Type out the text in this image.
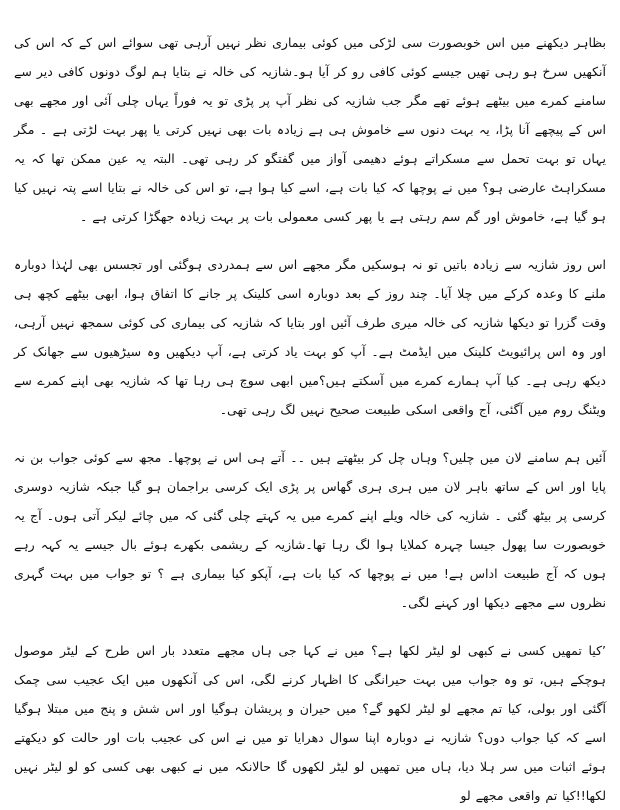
بظاہر دیکھنے میں اس خوبصورت سی لڑکی میں کوئی بیماری نظر نہیں آرہی تھی سوائے اس کے کہ اس کی آنکھیں سرخ ہو رہی تھیں جیسے کوئی کافی رو کر آیا ہو۔شازیہ کی خالہ نے بتایا ہم لوگ دونوں کافی دیر سے سامنے کمرے میں بیٹھے ہوئے تھے مگر جب شازیہ کی نظر آپ پر پڑی تو یہ فوراً یہاں چلی آئی اور مجھے بھی اس کے پیچھے آنا پڑا، یہ بہت دنوں سے خاموش ہی ہے زیادہ بات بھی نہیں کرتی یا پھر بہت لڑتی ہے ۔ مگر یہاں تو بہت تحمل سے مسکراتے ہوئے دھیمی آواز میں گفتگو کر رہی تھی۔ البتہ یہ عین ممکن تھا کہ یہ مسکراہٹ عارضی ہو؟ میں نے پوچھا کہ کیا بات ہے، اسے کیا ہوا ہے، تو اس کی خالہ نے بتایا اسے پتہ نہیں کیا ہو گیا ہے، خاموش اور گم سم رہتی ہے یا پھر کسی معمولی بات پر بہت زیادہ جھگڑا کرتی ہے ۔

اس روز شازیہ سے زیادہ باتیں تو نہ ہوسکیں مگر مجھے اس سے ہمدردی ہوگئی اور تجسس بھی لہٰذا دوبارہ ملنے کا وعدہ کرکے میں چلا آیا۔ چند روز کے بعد دوبارہ اسی کلینک پر جانے کا اتفاق ہوا، ابھی بیٹھے کچھ ہی وقت گزرا تو دیکھا شازیہ کی خالہ میری طرف آئیں اور بتایا کہ شازیہ کی بیماری کی کوئی سمجھ نہیں آرہی، اور وہ اس پرائیویٹ کلینک میں ایڈمٹ ہے۔ آپ کو بہت یاد کرتی ہے، آپ دیکھیں وہ سیڑھیوں سے جھانک کر دیکھ رہی ہے۔ کیا آپ ہمارے کمرے میں آسکتے ہیں؟میں ابھی سوچ ہی رہا تھا کہ شازیہ بھی اپنے کمرے سے ویٹنگ روم میں آگئی، آج واقعی اسکی طبیعت صحیح نہیں لگ رہی تھی۔

آئیں ہم سامنے لان میں چلیں؟ وہاں چل کر بیٹھتے ہیں ۔۔ آتے ہی اس نے پوچھا۔ مجھ سے کوئی جواب بن نہ پایا اور اس کے ساتھ باہر لان میں ہری ہری گھاس پر پڑی ایک کرسی براجمان ہو گیا جبکہ شازیہ دوسری کرسی پر بیٹھ گئی ۔ شازیہ کی خالہ ویلے اپنے کمرے میں یہ کہتے چلی گئی کہ میں چائے لیکر آتی ہوں۔ آج یہ خوبصورت سا پھول جیسا چہرہ کملایا ہوا لگ رہا تھا۔شازیہ کے ریشمی بکھرے ہوئے بال جیسے یہ کہہ رہے ہوں کہ آج طبیعت اداس ہے! میں نے پوچھا کہ کیا بات ہے، آپکو کیا بیماری ہے ؟ تو جواب میں بہت گہری نظروں سے مجھے دیکھا اور کہنے لگی۔

’کیا تمھیں کسی نے کبھی لو لیٹر لکھا ہے؟ میں نے کہا جی ہاں مجھے متعدد بار اس طرح کے لیٹر موصول ہوچکے ہیں، تو وہ جواب میں بہت حیرانگی کا اظہار کرنے لگی، اس کی آنکھوں میں ایک عجیب سی چمک آگئی اور بولی، کیا تم مجھے لو لیٹر لکھو گے؟ میں حیران و پریشان ہوگیا اور اس شش و پنج میں مبتلا ہوگیا اسے کہ کیا جواب دوں؟ شازیہ نے دوبارہ اپنا سوال دھرایا تو میں نے اس کی عجیب بات اور حالت کو دیکھتے ہوئے اثبات میں سر ہلا دیا، ہاں میں تمھیں لو لیٹر لکھوں گا حالانکہ میں نے کبھی بھی کسی کو لو لیٹر نہیں لکھا!!کیا تم واقعی مجھے لو
